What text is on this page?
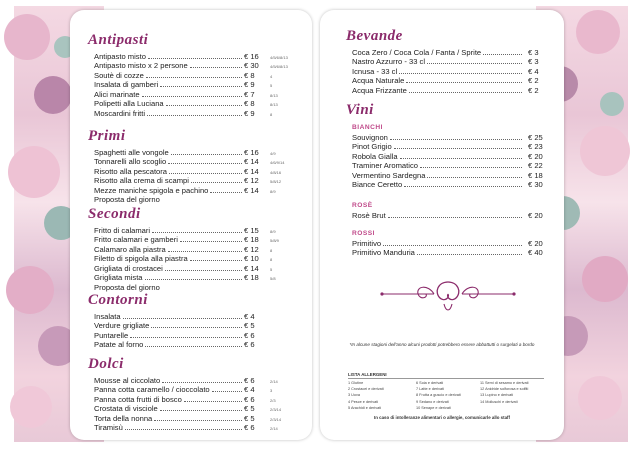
Antipasti
Antipasto misto	€ 16	4/5/6/8/13
Antipasto misto x 2 persone	€ 30	4/5/6/8/13
Soutè di cozze	€ 8	4
Insalata di gamberi	€ 9	5
Alici marinate	€ 7	8/13
Polipetti alla Luciana	€ 8	8/13
Moscardini fritti	€ 9	8
Primi
Spaghetti alle vongole	€ 16	4/9
Tonnarelli allo scoglio	€ 14	4/6/9/14
Risotto alla pescatora	€ 14	4/8/16
Risotto alla crema di scampi	€ 12	5/8/12
Mezze maniche spigola e pachino	€ 14	8/9
Proposta del giorno
Secondi
Fritto di calamari	€ 15	8/9
Fritto calamari e gamberi	€ 18	5/8/9
Calamaro alla piastra	€ 12	8
Filetto di spigola alla piastra	€ 10	8
Grigliata di crostacei	€ 14	5
Grigliata mista	€ 18	5/8
Proposta del giorno
Contorni
Insalata	€ 4
Verdure grigliate	€ 5
Puntarelle	€ 6
Patate al forno	€ 6
Dolci
Mousse al ciccolato	€ 6	2/14
Panna cotta caramello / cioccolato	€ 4	3
Panna cotta frutti di bosco	€ 6	2/3
Crostata di visciole	€ 5	2/3/14
Torta della nonna	€ 5	2/3/14
Tiramisù	€ 6	2/14
*In alcune stagioni dell'anno alcuni prodotti potrebbero essere abbattutti o surgelati a bordo
LISTA ALLERGENI
1 Glutine
2 Crostacei e derivati
3 Uova
4 Pesce e derivati
5 Arachidi e derivati
6 Soia e derivati
7 Latte e derivati
8 Frutta a guscio e derivati
9 Sedano e derivati
10 Senape e derivati
11 Semi di sesamo e derivati
12 Anidride solforosa e solfiti
13 Lupino e derivati
14 Molluschi e derivati
In caso di intolleranze alimentari o allergie, comunicarle allo staff
Bevande
Coca Zero / Coca Cola / Fanta / Sprite	€ 3
Nastro Azzurro - 33 cl	€ 3
Icnusa - 33 cl	€ 4
Acqua Naturale	€ 2
Acqua Frizzante	€ 2
Vini
BIANCHI
Souvignon	€ 25
Pinot Grigio	€ 23
Robola Gialla	€ 20
Traminer Aromatico	€ 22
Vermentino Sardegna	€ 18
Biance Ceretto	€ 30
ROSÈ
Rosè Brut	€ 20
ROSSI
Primitivo	€ 20
Primitivo Manduria	€ 40
